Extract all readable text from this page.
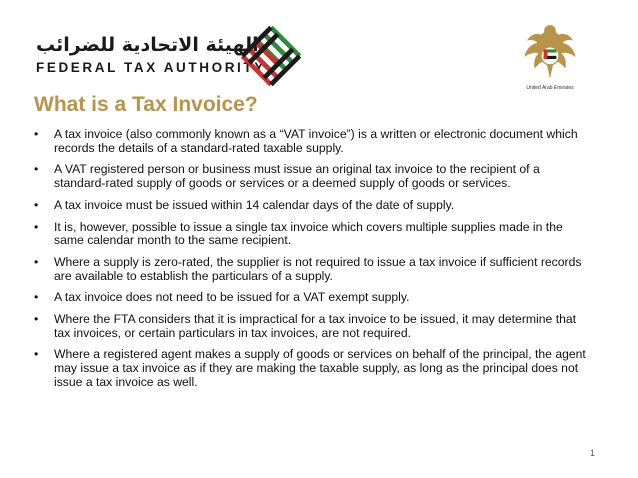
الهيئة الاتحادية للضرائب
FEDERAL TAX AUTHORITY
United Arab Emirates
What is a Tax Invoice?
• A tax invoice (also commonly known as a “VAT invoice”) is a written or electronic document which records the details of a standard-rated taxable supply.
• A VAT registered person or business must issue an original tax invoice to the recipient of a standard-rated supply of goods or services or a deemed supply of goods or services.
• A tax invoice must be issued within 14 calendar days of the date of supply.
• It is, however, possible to issue a single tax invoice which covers multiple supplies made in the same calendar month to the same recipient.
• Where a supply is zero-rated, the supplier is not required to issue a tax invoice if sufficient records are available to establish the particulars of a supply.
• A tax invoice does not need to be issued for a VAT exempt supply.
• Where the FTA considers that it is impractical for a tax invoice to be issued, it may determine that tax invoices, or certain particulars in tax invoices, are not required.
• Where a registered agent makes a supply of goods or services on behalf of the principal, the agent may issue a tax invoice as if they are making the taxable supply, as long as the principal does not issue a tax invoice as well.
1
